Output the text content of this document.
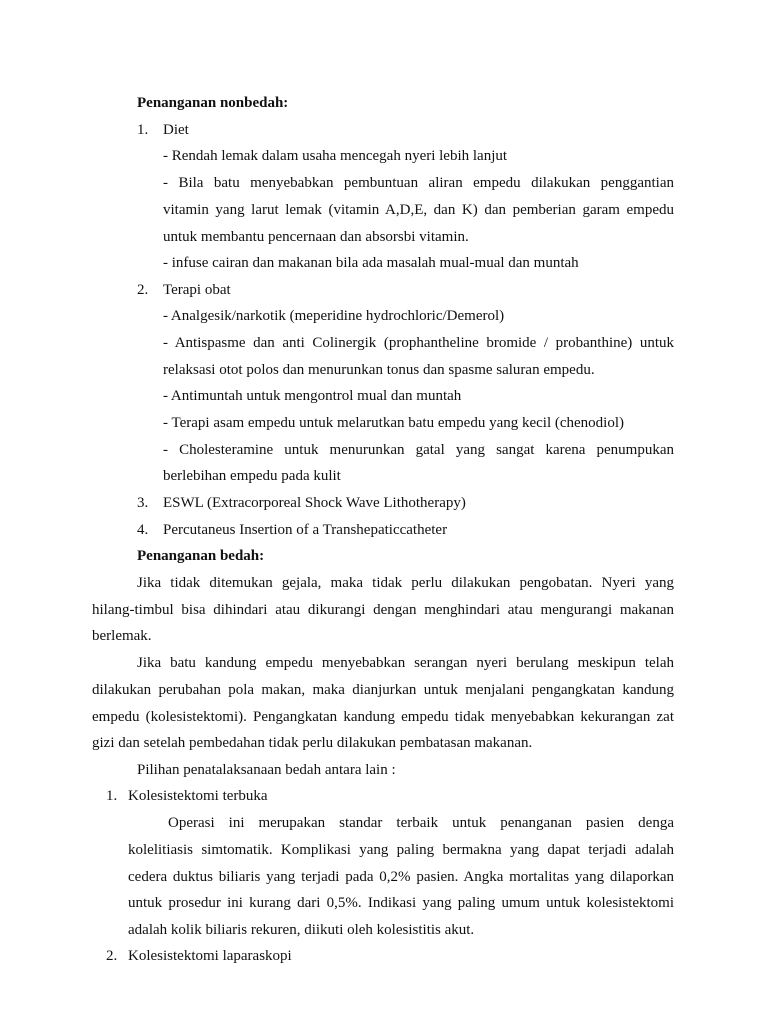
Penanganan nonbedah:
1. Diet
- Rendah lemak dalam usaha mencegah nyeri lebih lanjut
- Bila batu menyebabkan pembuntuan aliran empedu dilakukan penggantian
vitamin yang larut lemak (vitamin A,D,E, dan K) dan pemberian garam empedu
untuk membantu pencernaan dan absorsbi vitamin.
- infuse cairan dan makanan bila ada masalah mual-mual dan muntah
2. Terapi obat
- Analgesik/narkotik (meperidine hydrochloric/Demerol)
- Antispasme dan anti Colinergik (prophantheline bromide / probanthine) untuk
relaksasi otot polos dan menurunkan tonus dan spasme saluran empedu.
- Antimuntah untuk mengontrol mual dan muntah
- Terapi asam empedu untuk melarutkan batu empedu yang kecil (chenodiol)
- Cholesteramine untuk menurunkan gatal yang sangat karena penumpukan
berlebihan empedu pada kulit
3. ESWL (Extracorporeal Shock Wave Lithotherapy)
4. Percutaneus Insertion of a Transhepaticcatheter
Penanganan bedah:
Jika tidak ditemukan gejala, maka tidak perlu dilakukan pengobatan. Nyeri yang
hilang-timbul bisa dihindari atau dikurangi dengan menghindari atau mengurangi makanan
berlemak.
Jika batu kandung empedu menyebabkan serangan nyeri berulang meskipun telah
dilakukan perubahan pola makan, maka dianjurkan untuk menjalani pengangkatan kandung
empedu (kolesistektomi). Pengangkatan kandung empedu tidak menyebabkan kekurangan zat
gizi dan setelah pembedahan tidak perlu dilakukan pembatasan makanan.
Pilihan penatalaksanaan bedah antara lain :
1. Kolesistektomi terbuka
Operasi ini merupakan standar terbaik untuk penanganan pasien denga
kolelitiasis simtomatik. Komplikasi yang paling bermakna yang dapat terjadi adalah
cedera duktus biliaris yang terjadi pada 0,2% pasien. Angka mortalitas yang dilaporkan
untuk prosedur ini kurang dari 0,5%. Indikasi yang paling umum untuk kolesistektomi
adalah kolik biliaris rekuren, diikuti oleh kolesistitis akut.
2. Kolesistektomi laparaskopi
